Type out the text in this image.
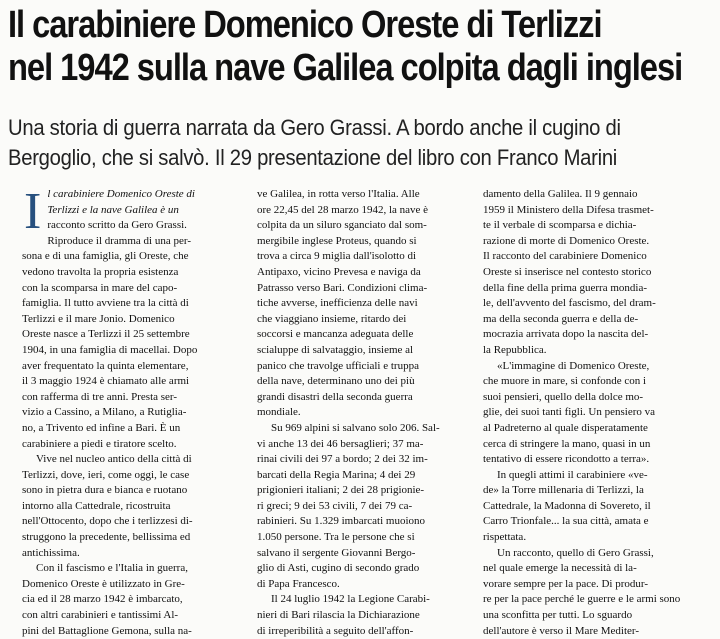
Il carabiniere Domenico Oreste di Terlizzi
nel 1942 sulla nave Galilea colpita dagli inglesi
Una storia di guerra narrata da Gero Grassi. A bordo anche il cugino di
Bergoglio, che si salvò. Il 29 presentazione del libro con Franco Marini
I l carabiniere Domenico Oreste di
Terlizzi e la nave Galilea è un
racconto scritto da Gero Grassi.
Riproduce il dramma di una per-
sona e di una famiglia, gli Oreste, che
vedono travolta la propria esistenza
con la scomparsa in mare del capo-
famiglia. Il tutto avviene tra la città di
Terlizzi e il mare Jonio. Domenico
Oreste nasce a Terlizzi il 25 settembre
1904, in una famiglia di macellai. Dopo
aver frequentato la quinta elementare,
il 3 maggio 1924 è chiamato alle armi
con rafferma di tre anni. Presta ser-
vizio a Cassino, a Milano, a Rutiglia-
no, a Trivento ed infine a Bari. È un
carabiniere a piedi e tiratore scelto.
Vive nel nucleo antico della città di
Terlizzi, dove, ieri, come oggi, le case
sono in pietra dura e bianca e ruotano
intorno alla Cattedrale, ricostruita
nell'Ottocento, dopo che i terlizzesi di-
struggono la precedente, bellissima ed
antichissima.
Con il fascismo e l'Italia in guerra,
Domenico Oreste è utilizzato in Gre-
cia ed il 28 marzo 1942 è imbarcato,
con altri carabinieri e tantissimi Al-
pini del Battaglione Gemona, sulla na-
ve Galilea, in rotta verso l'Italia. Alle
ore 22,45 del 28 marzo 1942, la nave è
colpita da un siluro sganciato dal som-
mergibile inglese Proteus, quando si
trova a circa 9 miglia dall'isolotto di
Antipaxo, vicino Prevesa e naviga da
Patrasso verso Bari. Condizioni clima-
tiche avverse, inefficienza delle navi
che viaggiano insieme, ritardo dei
soccorsi e mancanza adeguata delle
scialuppe di salvataggio, insieme al
panico che travolge ufficiali e truppa
della nave, determinano uno dei più
grandi disastri della seconda guerra
mondiale.
Su 969 alpini si salvano solo 206. Sal-
vi anche 13 dei 46 bersaglieri; 37 ma-
rinai civili dei 97 a bordo; 2 dei 32 im-
barcati della Regia Marina; 4 dei 29
prigionieri italiani; 2 dei 28 prigionie-
ri greci; 9 dei 53 civili, 7 dei 79 ca-
rabinieri. Su 1.329 imbarcati muoiono
1.050 persone. Tra le persone che si
salvano il sergente Giovanni Bergo-
glio di Asti, cugino di secondo grado
di Papa Francesco.
Il 24 luglio 1942 la Legione Carabi-
nieri di Bari rilascia la Dichiarazione
di irreperibilità a seguito dell'affon-
damento della Galilea. Il 9 gennaio
1959 il Ministero della Difesa trasmet-
te il verbale di scomparsa e dichia-
razione di morte di Domenico Oreste.
Il racconto del carabiniere Domenico
Oreste si inserisce nel contesto storico
della fine della prima guerra mondia-
le, dell'avvento del fascismo, del dram-
ma della seconda guerra e della de-
mocrazia arrivata dopo la nascita del-
la Repubblica.
«L'immagine di Domenico Oreste,
che muore in mare, si confonde con i
suoi pensieri, quello della dolce mo-
glie, dei suoi tanti figli. Un pensiero va
al Padreterno al quale disperatamente
cerca di stringere la mano, quasi in un
tentativo di essere ricondotto a terra».
In quegli attimi il carabiniere «ve-
de» la Torre millenaria di Terlizzi, la
Cattedrale, la Madonna di Sovereto, il
Carro Trionfale... la sua città, amata e
rispettata.
Un racconto, quello di Gero Grassi,
nel quale emerge la necessità di la-
vorare sempre per la pace. Di produr-
re per la pace perché le guerre e le armi sono
una sconfitta per tutti. Lo sguardo
dell'autore è verso il Mare Mediter-
